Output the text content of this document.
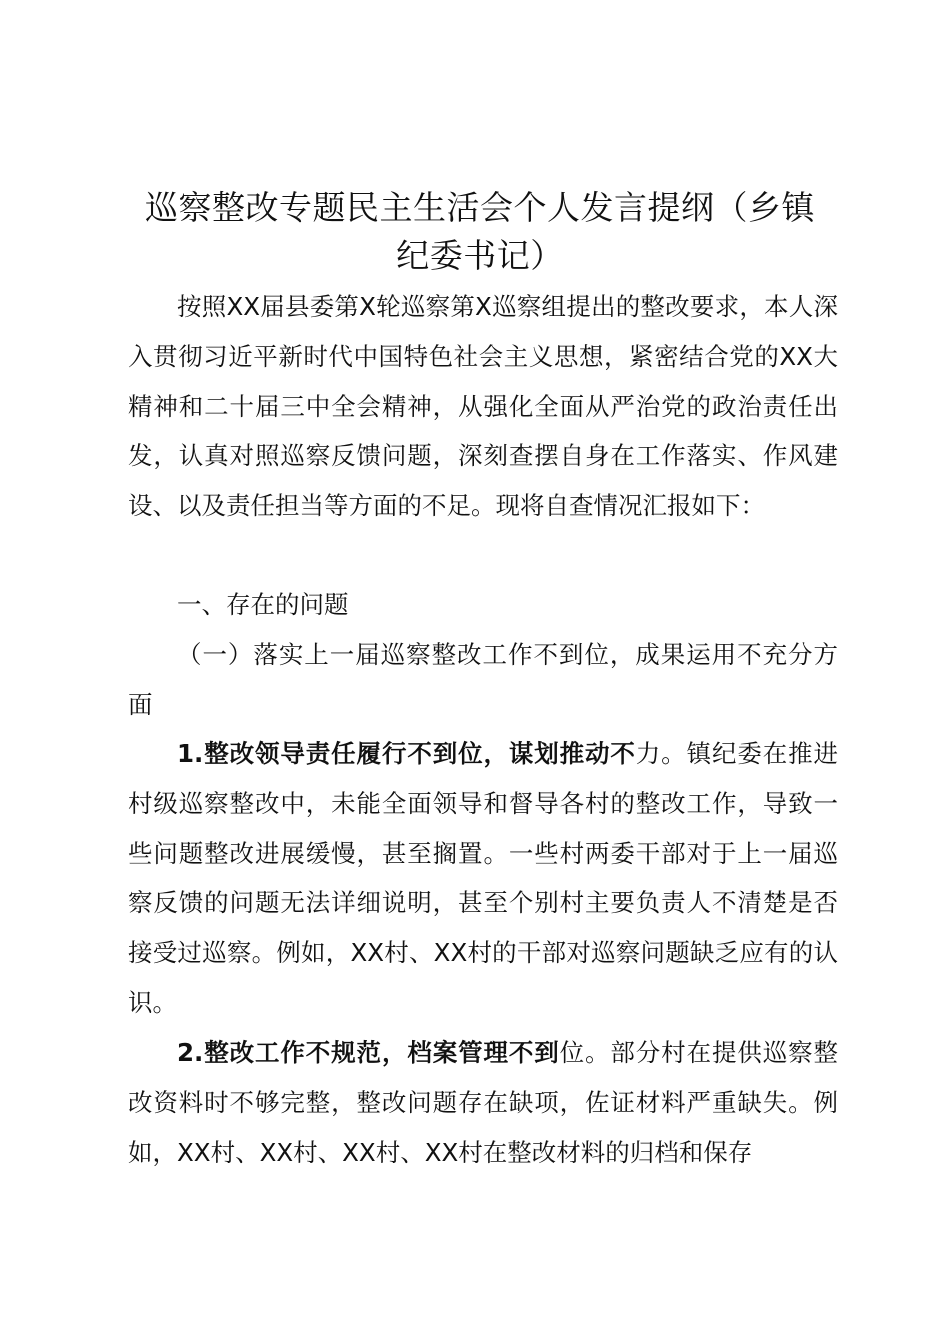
巡察整改专题民主生活会个人发言提纲（乡镇
纪委书记）
按照XX届县委第X轮巡察第X巡察组提出的整改要求，本人深入贯彻习近平新时代中国特色社会主义思想，紧密结合党的XX大精神和二十届三中全会精神，从强化全面从严治党的政治责任出发，认真对照巡察反馈问题，深刻查摆自身在工作落实、作风建设、以及责任担当等方面的不足。现将自查情况汇报如下：
一、存在的问题
（一）落实上一届巡察整改工作不到位，成果运用不充分方面
1.整改领导责任履行不到位，谋划推动不力。镇纪委在推进村级巡察整改中，未能全面领导和督导各村的整改工作，导致一些问题整改进展缓慢，甚至搁置。一些村两委干部对于上一届巡察反馈的问题无法详细说明，甚至个别村主要负责人不清楚是否接受过巡察。例如，XX村、XX村的干部对巡察问题缺乏应有的认识。
2.整改工作不规范，档案管理不到位。部分村在提供巡察整改资料时不够完整，整改问题存在缺项，佐证材料严重缺失。例如，XX村、XX村、XX村、XX村在整改材料的归档和保存
